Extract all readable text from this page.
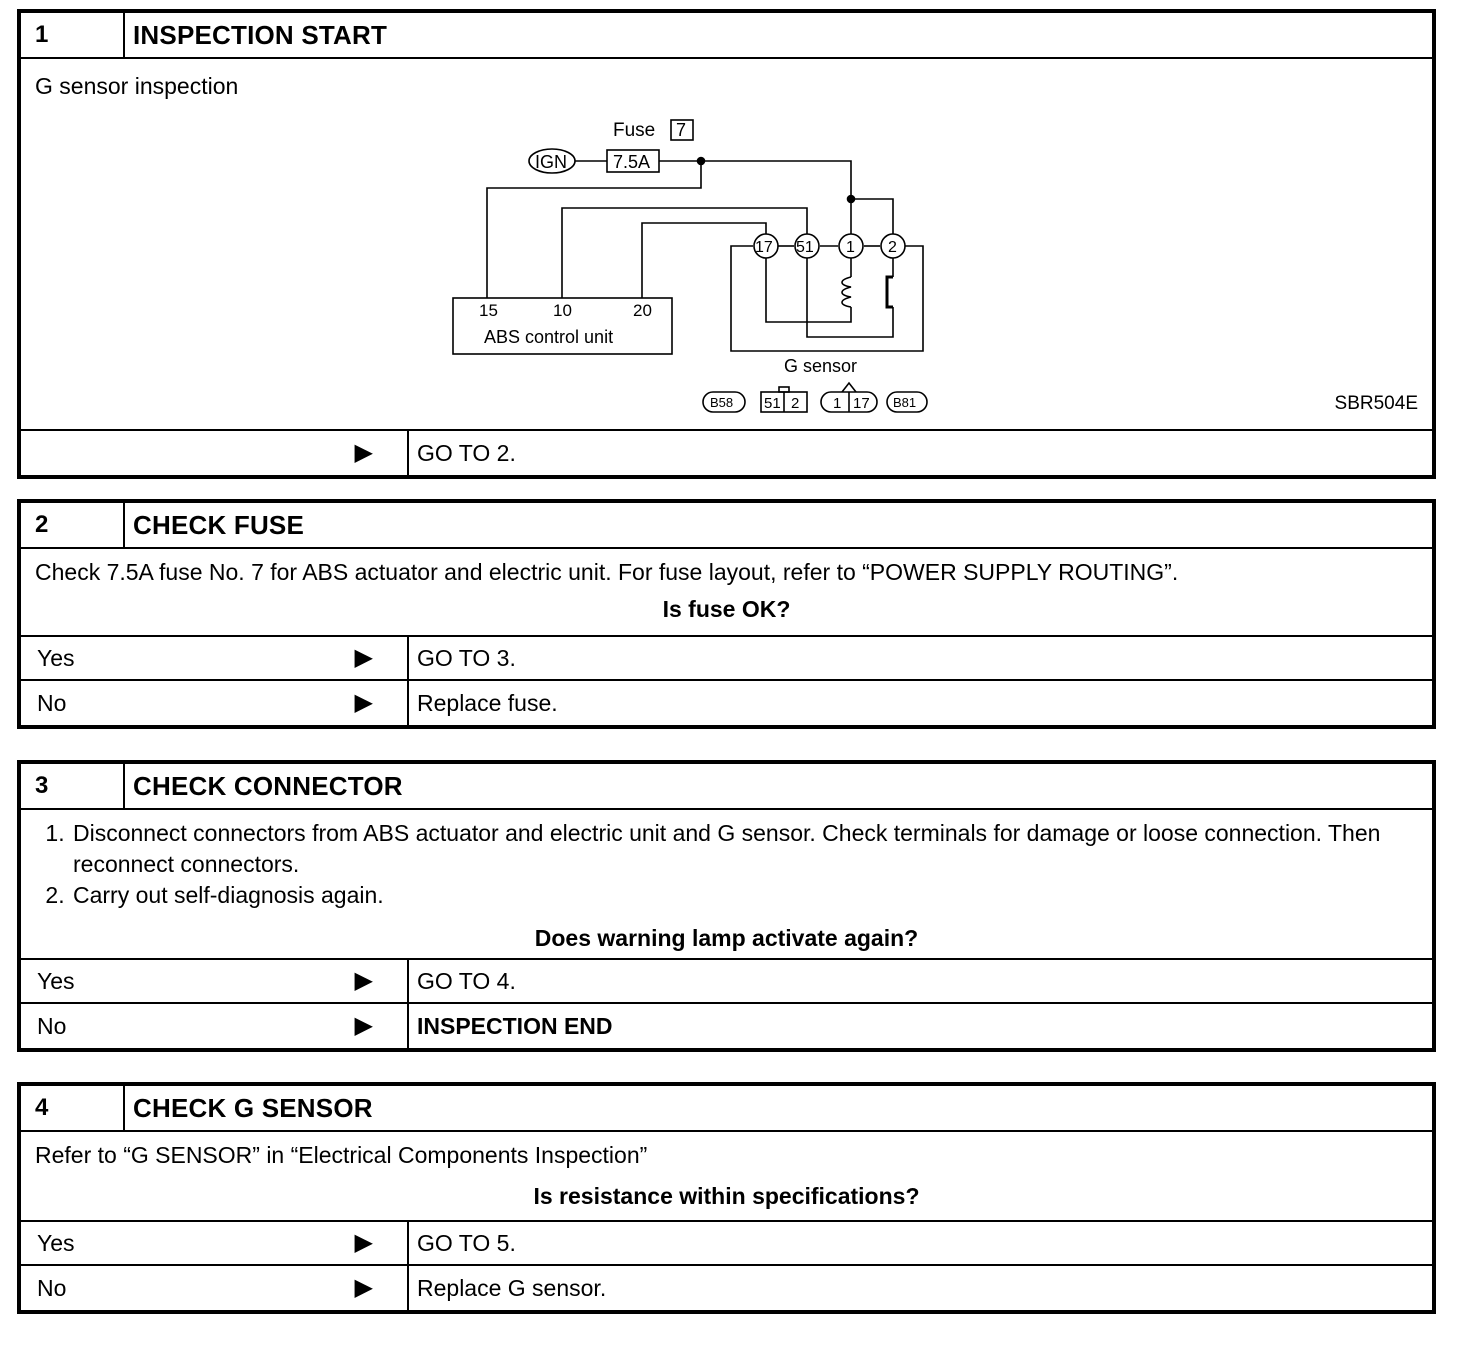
1	INSPECTION START
G sensor inspection
Fuse 7
IGN	7.5A
15	10	20
ABS control unit
17 51 1 2
G sensor
B58 51 2 1 17 B81	SBR504E
▶	GO TO 2.
2	CHECK FUSE
Check 7.5A fuse No. 7 for ABS actuator and electric unit. For fuse layout, refer to “POWER SUPPLY ROUTING”.
Is fuse OK?
Yes	▶	GO TO 3.
No	▶	Replace fuse.
3	CHECK CONNECTOR
1. Disconnect connectors from ABS actuator and electric unit and G sensor. Check terminals for damage or loose connection. Then reconnect connectors.
2. Carry out self-diagnosis again.
Does warning lamp activate again?
Yes	▶	GO TO 4.
No	▶	INSPECTION END
4	CHECK G SENSOR
Refer to “G SENSOR” in “Electrical Components Inspection”
Is resistance within specifications?
Yes	▶	GO TO 5.
No	▶	Replace G sensor.
